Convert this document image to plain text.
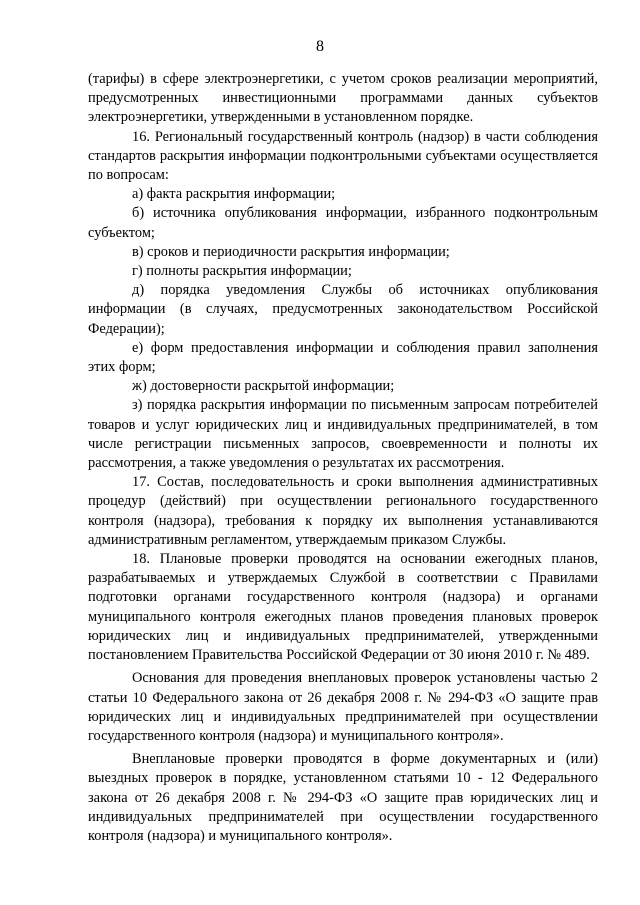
8

(тарифы) в сфере электроэнергетики, с учетом сроков реализации мероприятий, предусмотренных инвестиционными программами данных субъектов электроэнергетики, утвержденными в установленном порядке.

16. Региональный государственный контроль (надзор) в части соблюдения стандартов раскрытия информации подконтрольными субъектами осуществляется по вопросам:

а) факта раскрытия информации;

б) источника опубликования информации, избранного подконтрольным субъектом;

в) сроков и периодичности раскрытия информации;

г) полноты раскрытия информации;

д) порядка уведомления Службы об источниках опубликования информации (в случаях, предусмотренных законодательством Российской Федерации);

е) форм предоставления информации и соблюдения правил заполнения этих форм;

ж) достоверности раскрытой информации;

з) порядка раскрытия информации по письменным запросам потребителей товаров и услуг юридических лиц и индивидуальных предпринимателей, в том числе регистрации письменных запросов, своевременности и полноты их рассмотрения, а также уведомления о результатах их рассмотрения.

17. Состав, последовательность и сроки выполнения административных процедур (действий) при осуществлении регионального государственного контроля (надзора), требования к порядку их выполнения устанавливаются административным регламентом, утверждаемым приказом Службы.

18. Плановые проверки проводятся на основании ежегодных планов, разрабатываемых и утверждаемых Службой в соответствии с Правилами подготовки органами государственного контроля (надзора) и органами муниципального контроля ежегодных планов проведения плановых проверок юридических лиц и индивидуальных предпринимателей, утвержденными постановлением Правительства Российской Федерации от 30 июня 2010 г. № 489.

Основания для проведения внеплановых проверок установлены частью 2 статьи 10 Федерального закона от 26 декабря 2008 г. № 294-ФЗ «О защите прав юридических лиц и индивидуальных предпринимателей при осуществлении государственного контроля (надзора) и муниципального контроля».

Внеплановые проверки проводятся в форме документарных и (или) выездных проверок в порядке, установленном статьями 10 - 12 Федерального закона от 26 декабря 2008 г. № 294-ФЗ «О защите прав юридических лиц и индивидуальных предпринимателей при осуществлении государственного контроля (надзора) и муниципального контроля».
